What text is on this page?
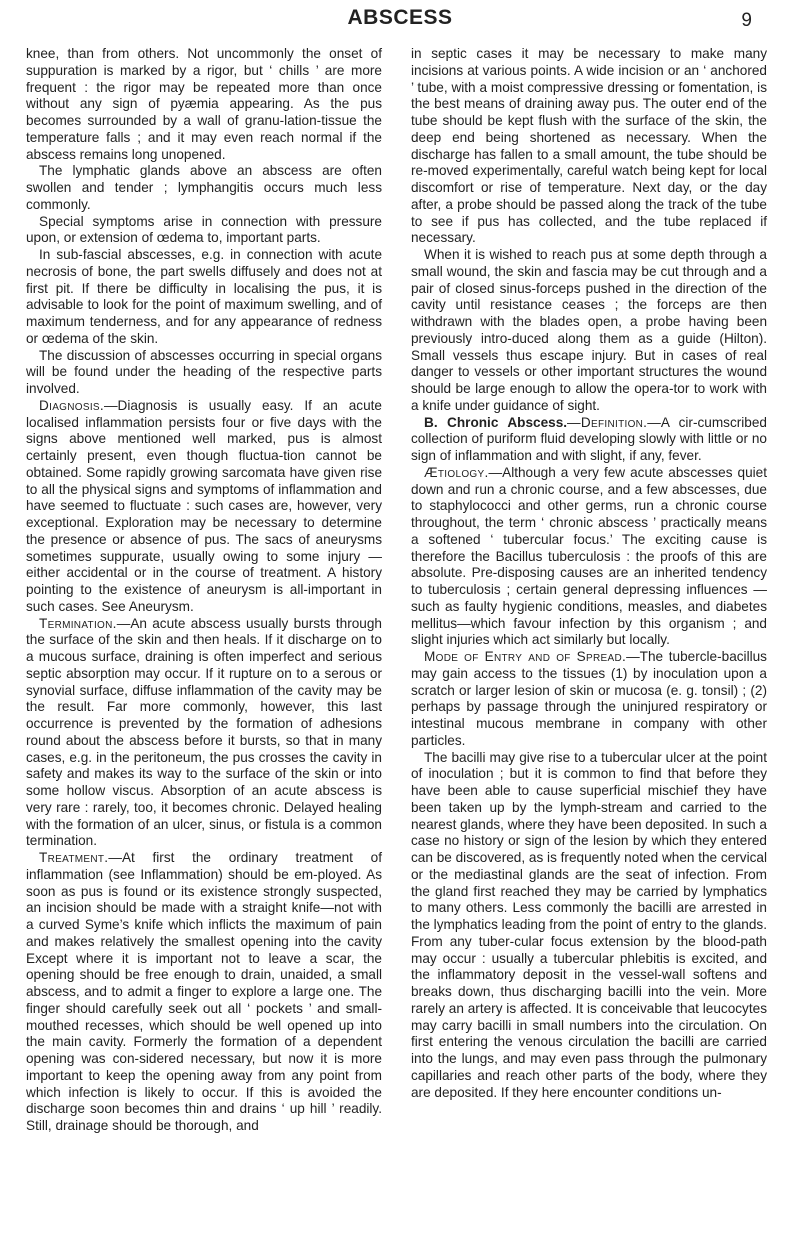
ABSCESS	9

knee, than from others. Not uncommonly the onset of suppuration is marked by a rigor, but ‘ chills ’ are more frequent : the rigor may be repeated more than once without any sign of pyæmia appearing. As the pus becomes surrounded by a wall of granu-lation-tissue the temperature falls ; and it may even reach normal if the abscess remains long unopened.

The lymphatic glands above an abscess are often swollen and tender ; lymphangitis occurs much less commonly.

Special symptoms arise in connection with pressure upon, or extension of œdema to, important parts.

In sub-fascial abscesses, e.g. in connection with acute necrosis of bone, the part swells diffusely and does not at first pit. If there be difficulty in localising the pus, it is advisable to look for the point of maximum swelling, and of maximum tenderness, and for any appearance of redness or œdema of the skin.

The discussion of abscesses occurring in special organs will be found under the heading of the respective parts involved.

Diagnosis.—Diagnosis is usually easy. If an acute localised inflammation persists four or five days with the signs above mentioned well marked, pus is almost certainly present, even though fluctua-tion cannot be obtained. Some rapidly growing sarcomata have given rise to all the physical signs and symptoms of inflammation and have seemed to fluctuate : such cases are, however, very exceptional. Exploration may be necessary to determine the presence or absence of pus. The sacs of aneurysms sometimes suppurate, usually owing to some injury —either accidental or in the course of treatment. A history pointing to the existence of aneurysm is all-important in such cases. See Aneurysm.

Termination.—An acute abscess usually bursts through the surface of the skin and then heals. If it discharge on to a mucous surface, draining is often imperfect and serious septic absorption may occur. If it rupture on to a serous or synovial surface, diffuse inflammation of the cavity may be the result. Far more commonly, however, this last occurrence is prevented by the formation of adhesions round about the abscess before it bursts, so that in many cases, e.g. in the peritoneum, the pus crosses the cavity in safety and makes its way to the surface of the skin or into some hollow viscus. Absorption of an acute abscess is very rare : rarely, too, it becomes chronic. Delayed healing with the formation of an ulcer, sinus, or fistula is a common termination.

Treatment.—At first the ordinary treatment of inflammation (see Inflammation) should be em-ployed. As soon as pus is found or its existence strongly suspected, an incision should be made with a straight knife—not with a curved Syme’s knife which inflicts the maximum of pain and makes relatively the smallest opening into the cavity Except where it is important not to leave a scar, the opening should be free enough to drain, unaided, a small abscess, and to admit a finger to explore a large one. The finger should carefully seek out all ‘ pockets ’ and small-mouthed recesses, which should be well opened up into the main cavity. Formerly the formation of a dependent opening was con-sidered necessary, but now it is more important to keep the opening away from any point from which infection is likely to occur. If this is avoided the discharge soon becomes thin and drains ‘ up hill ’ readily. Still, drainage should be thorough, and

in septic cases it may be necessary to make many incisions at various points. A wide incision or an ‘ anchored ’ tube, with a moist compressive dressing or fomentation, is the best means of draining away pus. The outer end of the tube should be kept flush with the surface of the skin, the deep end being shortened as necessary. When the discharge has fallen to a small amount, the tube should be re-moved experimentally, careful watch being kept for local discomfort or rise of temperature. Next day, or the day after, a probe should be passed along the track of the tube to see if pus has collected, and the tube replaced if necessary.

When it is wished to reach pus at some depth through a small wound, the skin and fascia may be cut through and a pair of closed sinus-forceps pushed in the direction of the cavity until resistance ceases ; the forceps are then withdrawn with the blades open, a probe having been previously intro-duced along them as a guide (Hilton). Small vessels thus escape injury. But in cases of real danger to vessels or other important structures the wound should be large enough to allow the opera-tor to work with a knife under guidance of sight.

B. Chronic Abscess.—Definition.—A cir-cumscribed collection of puriform fluid developing slowly with little or no sign of inflammation and with slight, if any, fever.

Ætiology.—Although a very few acute abscesses quiet down and run a chronic course, and a few abscesses, due to staphylococci and other germs, run a chronic course throughout, the term ‘ chronic abscess ’ practically means a softened ‘ tubercular focus.’ The exciting cause is therefore the Bacillus tuberculosis : the proofs of this are absolute. Pre-disposing causes are an inherited tendency to tuberculosis ; certain general depressing influences —such as faulty hygienic conditions, measles, and diabetes mellitus—which favour infection by this organism ; and slight injuries which act similarly but locally.

Mode of Entry and of Spread.—The tubercle-bacillus may gain access to the tissues (1) by inoculation upon a scratch or larger lesion of skin or mucosa (e. g. tonsil) ; (2) perhaps by passage through the uninjured respiratory or intestinal mucous membrane in company with other particles.

The bacilli may give rise to a tubercular ulcer at the point of inoculation ; but it is common to find that before they have been able to cause superficial mischief they have been taken up by the lymph-stream and carried to the nearest glands, where they have been deposited. In such a case no history or sign of the lesion by which they entered can be discovered, as is frequently noted when the cervical or the mediastinal glands are the seat of infection. From the gland first reached they may be carried by lymphatics to many others. Less commonly the bacilli are arrested in the lymphatics leading from the point of entry to the glands. From any tuber-cular focus extension by the blood-path may occur : usually a tubercular phlebitis is excited, and the inflammatory deposit in the vessel-wall softens and breaks down, thus discharging bacilli into the vein. More rarely an artery is affected. It is conceivable that leucocytes may carry bacilli in small numbers into the circulation. On first entering the venous circulation the bacilli are carried into the lungs, and may even pass through the pulmonary capillaries and reach other parts of the body, where they are deposited. If they here encounter conditions un-
